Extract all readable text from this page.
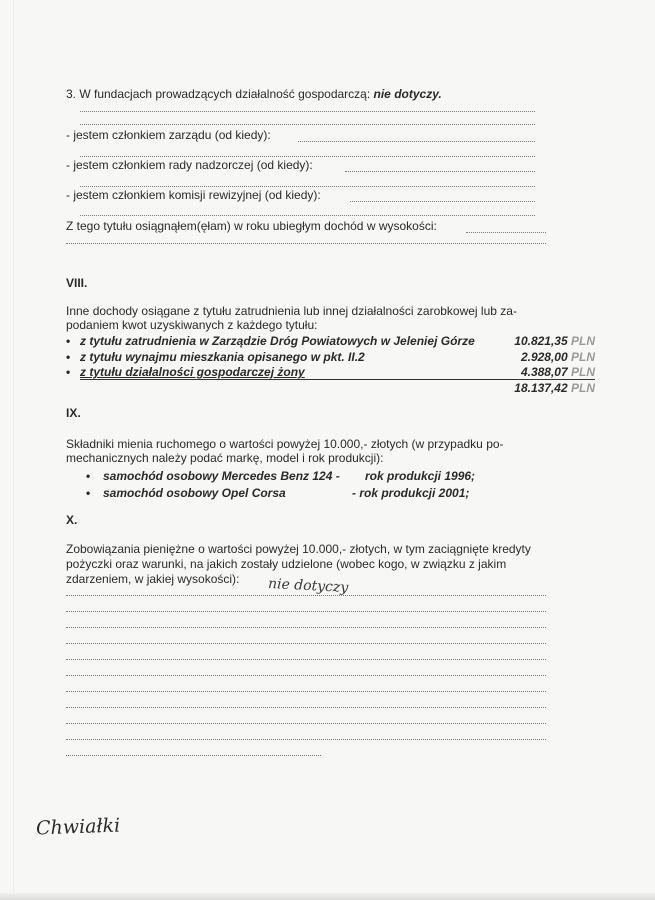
3. W fundacjach prowadzących działalność gospodarczą: nie dotyczy.
- jestem członkiem zarządu (od kiedy):
- jestem członkiem rady nadzorczej (od kiedy):
- jestem członkiem komisji rewizyjnej (od kiedy):
Z tego tytułu osiągnąłem(ęłam) w roku ubiegłym dochód w wysokości:
VIII.
Inne dochody osiągane z tytułu zatrudnienia lub innej działalności zarobkowej lub za-
podaniem kwot uzyskiwanych z każdego tytułu:
• z tytułu zatrudnienia w Zarządzie Dróg Powiatowych w Jeleniej Górze	10.821,35 PLN
• z tytułu wynajmu mieszkania opisanego w pkt. II.2	2.928,00 PLN
• z tytułu działalności gospodarczej żony	4.388,07 PLN
18.137,42 PLN
IX.
Składniki mienia ruchomego o wartości powyżej 10.000,- złotych (w przypadku po-
mechanicznych należy podać markę, model i rok produkcji):
• samochód osobowy Mercedes Benz 124 - rok produkcji 1996;
• samochód osobowy Opel Corsa	- rok produkcji 2001;
X.
Zobowiązania pieniężne o wartości powyżej 10.000,- złotych, w tym zaciągnięte kredyty
pożyczki oraz warunki, na jakich zostały udzielone (wobec kogo, w związku z jakim
zdarzeniem, w jakiej wysokości): nie dotyczy
Chwiałki
